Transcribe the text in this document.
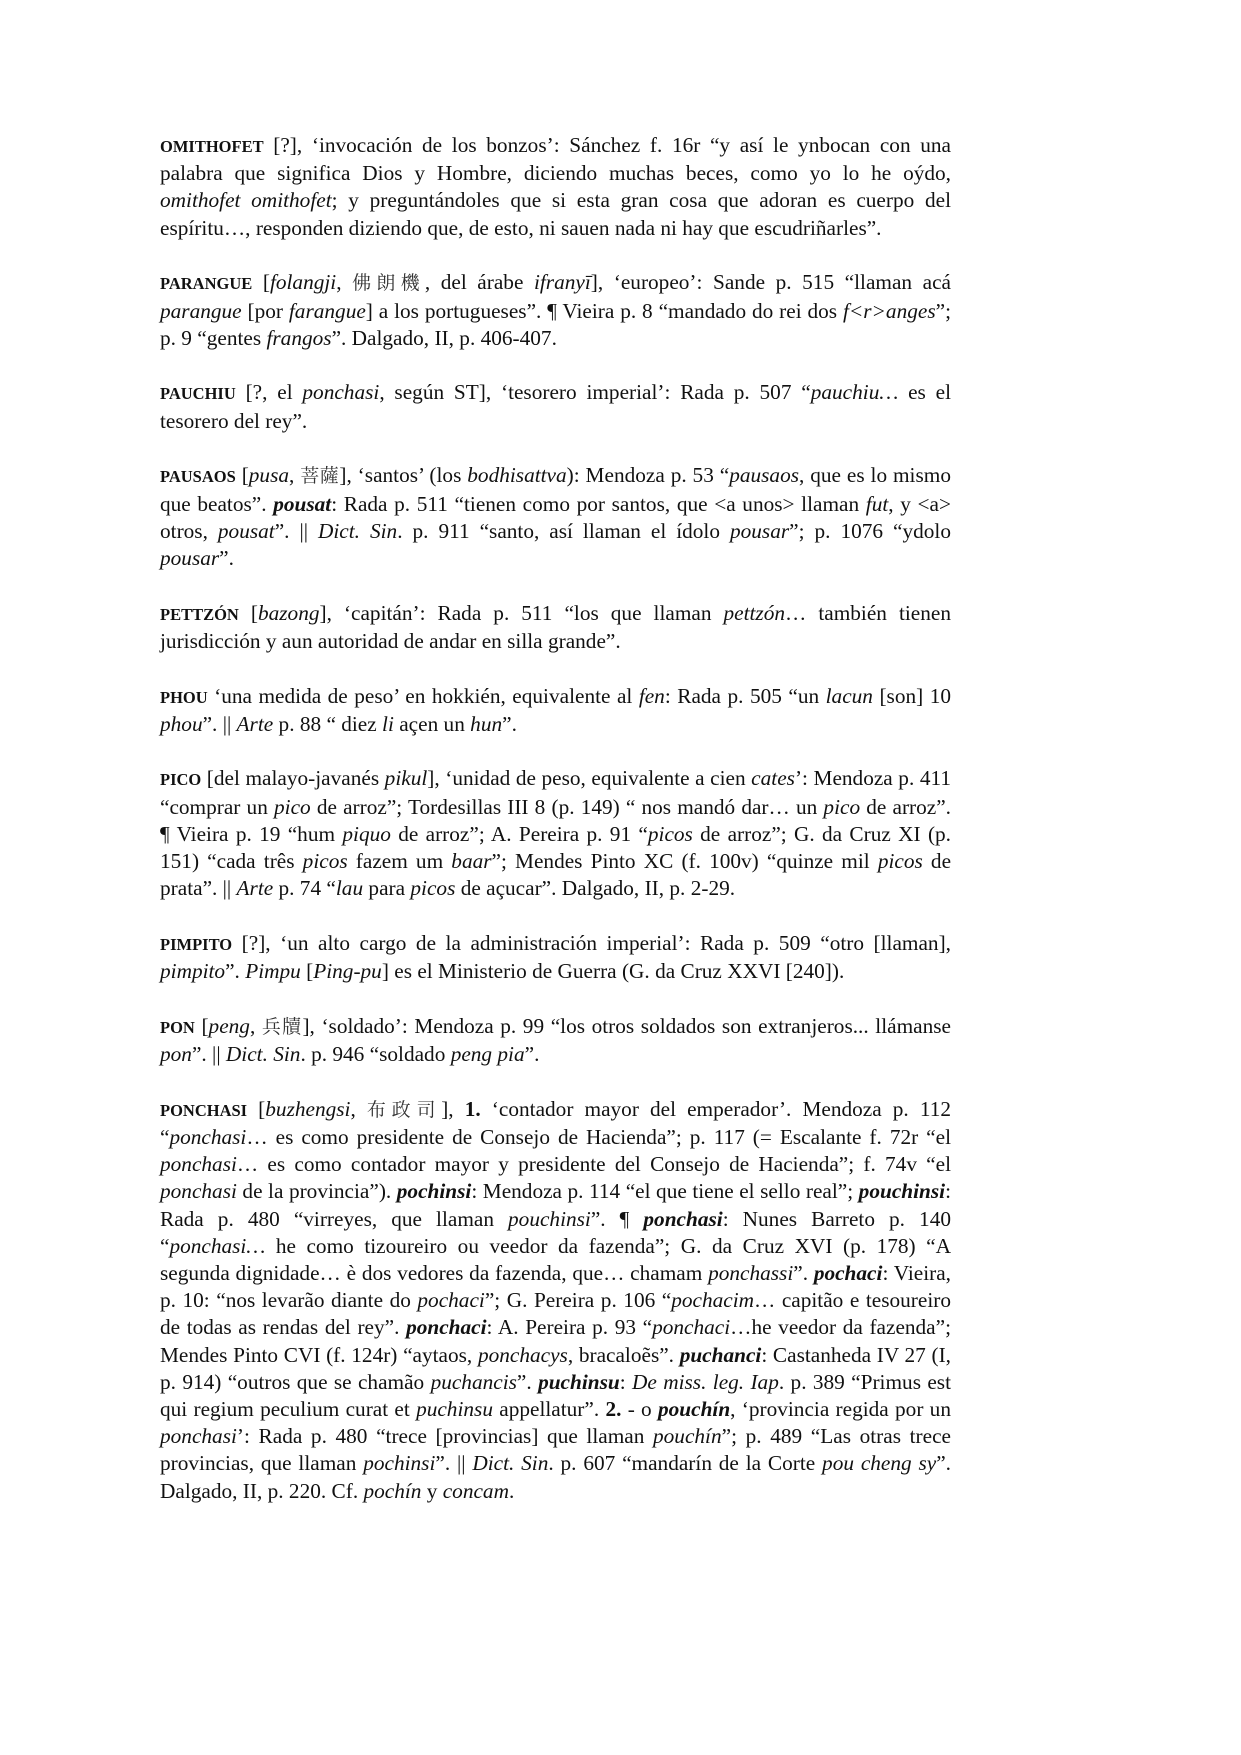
OMITHOFET [?], ‘invocación de los bonzos’: Sánchez f. 16r “y así le ynbocan con una palabra que significa Dios y Hombre, diciendo muchas beces, como yo lo he oýdo, omithofet omithofet; y preguntándoles que si esta gran cosa que adoran es cuerpo del espíritu…, responden diziendo que, de esto, ni sauen nada ni hay que escudriñarles”.

PARANGUE [folangji, 佛朗機, del árabe ifranyī], ‘europeo’: Sande p. 515 “llaman acá parangue [por farangue] a los portugueses”. ¶ Vieira p. 8 “mandado do rei dos f<r>anges”; p. 9 “gentes frangos”. Dalgado, II, p. 406-407.

PAUCHIU [?, el ponchasi, según ST], ‘tesorero imperial’: Rada p. 507 “pauchiu… es el tesorero del rey”.

PAUSAOS [pusa, 菩薩], ‘santos’ (los bodhisattva): Mendoza p. 53 “pausaos, que es lo mismo que beatos”. pousat: Rada p. 511 “tienen como por santos, que <a unos> llaman fut, y <a> otros, pousat”. || Dict. Sin. p. 911 “santo, así llaman el ídolo pousar”; p. 1076 “ydolo pousar”.

PETTZÓN [bazong], ‘capitán’: Rada p. 511 “los que llaman pettzón… también tienen jurisdicción y aun autoridad de andar en silla grande”.

PHOU ‘una medida de peso’ en hokkién, equivalente al fen: Rada p. 505 “un lacun [son] 10 phou”. || Arte p. 88 “ diez li açen un hun”.

PICO [del malayo-javanés pikul], ‘unidad de peso, equivalente a cien cates’: Mendoza p. 411 “comprar un pico de arroz”; Tordesillas III 8 (p. 149) “ nos mandó dar… un pico de arroz”. ¶ Vieira p. 19 “hum piquo de arroz”; A. Pereira p. 91 “picos de arroz”; G. da Cruz XI (p. 151) “cada três picos fazem um baar”; Mendes Pinto XC (f. 100v) “quinze mil picos de prata”. || Arte p. 74 “lau para picos de açucar”. Dalgado, II, p. 2-29.

PIMPITO [?], ‘un alto cargo de la administración imperial’: Rada p. 509 “otro [llaman], pimpito”. Pimpu [Ping-pu] es el Ministerio de Guerra (G. da Cruz XXVI [240]).

PON [peng, 兵牘], ‘soldado’: Mendoza p. 99 “los otros soldados son extranjeros... llámanse pon”. || Dict. Sin. p. 946 “soldado peng pia”.

PONCHASI [buzhengsi, 布政司], 1. ‘contador mayor del emperador’. Mendoza p. 112 “ponchasi… es como presidente de Consejo de Hacienda”; p. 117 (= Escalante f. 72r “el ponchasi… es como contador mayor y presidente del Consejo de Hacienda”; f. 74v “el ponchasi de la provincia”). pochinsi: Mendoza p. 114 “el que tiene el sello real”; pouchinsi: Rada p. 480 “virreyes, que llaman pouchinsi”. ¶ ponchasi: Nunes Barreto p. 140 “ponchasi… he como tizoureiro ou veedor da fazenda”; G. da Cruz XVI (p. 178) “A segunda dignidade… è dos vedores da fazenda, que… chamam ponchassi”. pochaci: Vieira, p. 10: “nos levarão diante do pochaci”; G. Pereira p. 106 “pochacim… capitão e tesoureiro de todas as rendas del rey”. ponchaci: A. Pereira p. 93 “ponchaci…he veedor da fazenda”; Mendes Pinto CVI (f. 124r) “aytaos, ponchacys, bracaloẽs”. puchanci: Castanheda IV 27 (I, p. 914) “outros que se chamão puchancis”. puchinsu: De miss. leg. Iap. p. 389 “Primus est qui regium peculium curat et puchinsu appellatur”. 2. - o pouchín, ‘provincia regida por un ponchasi’: Rada p. 480 “trece [provincias] que llaman pouchín”; p. 489 “Las otras trece provincias, que llaman pochinsi”. || Dict. Sin. p. 607 “mandarín de la Corte pou cheng sy”. Dalgado, II, p. 220. Cf. pochín y concam.
